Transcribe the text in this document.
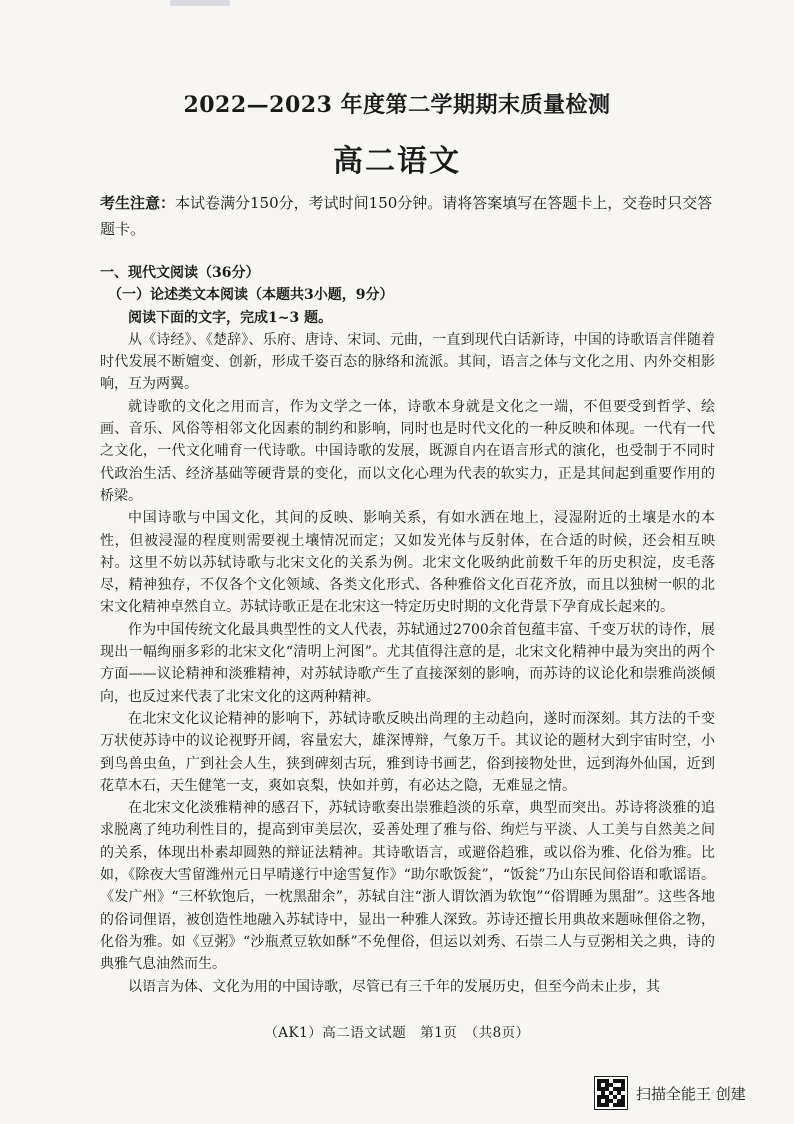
2022—2023 年度第二学期期末质量检测
高二语文
考生注意：本试卷满分150分，考试时间150分钟。请将答案填写在答题卡上，交卷时只交答题卡。

一、现代文阅读（36分）

（一）论述类文本阅读（本题共3小题，9分）

阅读下面的文字，完成1~3 题。

从《诗经》、《楚辞》、乐府、唐诗、宋词、元曲，一直到现代白话新诗，中国的诗歌语言伴随着时代发展不断嬗变、创新，形成千姿百态的脉络和流派。其间，语言之体与文化之用、内外交相影响，互为两翼。

就诗歌的文化之用而言，作为文学之一体，诗歌本身就是文化之一端，不但要受到哲学、绘画、音乐、风俗等相邻文化因素的制约和影响，同时也是时代文化的一种反映和体现。一代有一代之文化，一代文化哺育一代诗歌。中国诗歌的发展，既源自内在语言形式的演化，也受制于不同时代政治生活、经济基础等硬背景的变化，而以文化心理为代表的软实力，正是其间起到重要作用的桥梁。

中国诗歌与中国文化，其间的反映、影响关系，有如水洒在地上，浸湿附近的土壤是水的本性，但被浸湿的程度则需要视土壤情况而定；又如发光体与反射体，在合适的时候，还会相互映衬。这里不妨以苏轼诗歌与北宋文化的关系为例。北宋文化吸纳此前数千年的历史积淀，皮毛落尽，精神独存，不仅各个文化领域、各类文化形式、各种雅俗文化百花齐放，而且以独树一帜的北宋文化精神卓然自立。苏轼诗歌正是在北宋这一特定历史时期的文化背景下孕育成长起来的。

作为中国传统文化最具典型性的文人代表，苏轼通过2700余首包蕴丰富、千变万状的诗作，展现出一幅绚丽多彩的北宋文化“清明上河图”。尤其值得注意的是，北宋文化精神中最为突出的两个方面——议论精神和淡雅精神，对苏轼诗歌产生了直接深刻的影响，而苏诗的议论化和崇雅尚淡倾向，也反过来代表了北宋文化的这两种精神。

在北宋文化议论精神的影响下，苏轼诗歌反映出尚理的主动趋向，遂时而深刻。其方法的千变万状使苏诗中的议论视野开阔，容量宏大，雄深博辩，气象万千。其议论的题材大到宇宙时空，小到鸟兽虫鱼，广到社会人生，狭到碑刻古玩，雅到诗书画艺，俗到接物处世，远到海外仙国，近到花草木石，天生健笔一支，爽如哀梨，快如并剪，有必达之隐，无难显之情。

在北宋文化淡雅精神的感召下，苏轼诗歌奏出崇雅趋淡的乐章，典型而突出。苏诗将淡雅的追求脱离了纯功利性目的，提高到审美层次，妥善处理了雅与俗、绚烂与平淡、人工美与自然美之间的关系，体现出朴素却圆熟的辩证法精神。其诗歌语言，或避俗趋雅，或以俗为雅、化俗为雅。比如，《除夜大雪留潍州元日早晴遂行中途雪复作》“助尔歌饭瓮”，“饭瓮”乃山东民间俗语和歌谣语。《发广州》“三杯软饱后，一枕黑甜余”，苏轼自注“浙人谓饮酒为软饱”“俗谓睡为黑甜”。这些各地的俗词俚语，被创造性地融入苏轼诗中，显出一种雅人深致。苏诗还擅长用典故来题咏俚俗之物，化俗为雅。如《豆粥》“沙瓶煮豆软如酥”不免俚俗，但运以刘秀、石崇二人与豆粥相关之典，诗的典雅气息油然而生。

以语言为体、文化为用的中国诗歌，尽管已有三千年的发展历史，但至今尚未止步，其

（AK1）高二语文试题　第1页　（共8页）
扫描全能王 创建
